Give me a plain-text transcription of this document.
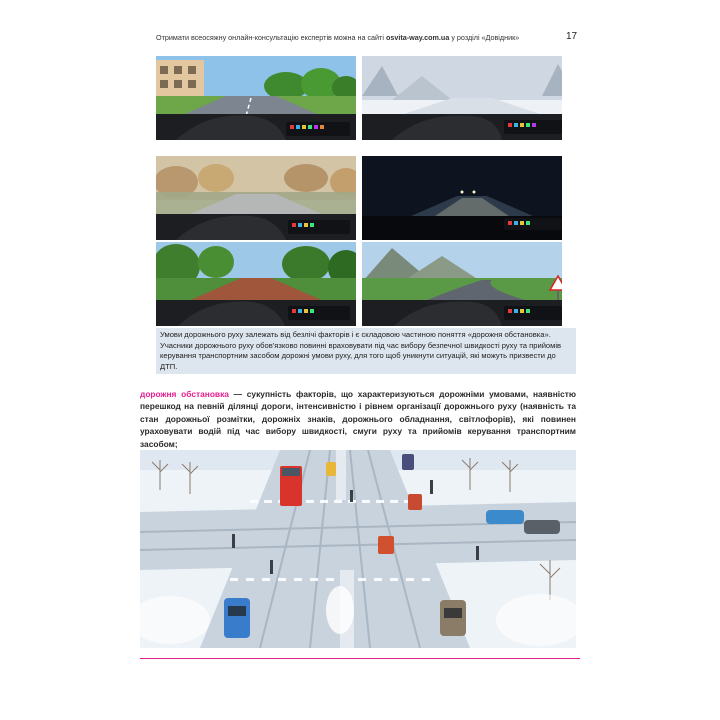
Отримати всеосяжну онлайн-консультацію експертів можна на сайті osvita-way.com.ua у розділі «Довідник»	17
Умови дорожнього руху залежать від безлічі факторів і є складовою частиною поняття «дорожня обстановка». Учасники дорожнього руху обов'язково повинні враховувати під час вибору безпечної швидкості руху та прийомів керування транспортним засобом дорожні умови руху, для того щоб уникнути ситуацій, які можуть призвести до ДТП.
дорожня обстановка — сукупність факторів, що характеризуються дорожніми умовами, наявністю перешкод на певній ділянці дороги, інтенсивністю і рівнем організації дорожнього руху (наявність та стан дорожньої розмітки, дорожніх знаків, дорожнього обладнання, світлофорів), які повинен ураховувати водій під час вибору швидкості, смуги руху та прийомів керування транспортним засобом;
